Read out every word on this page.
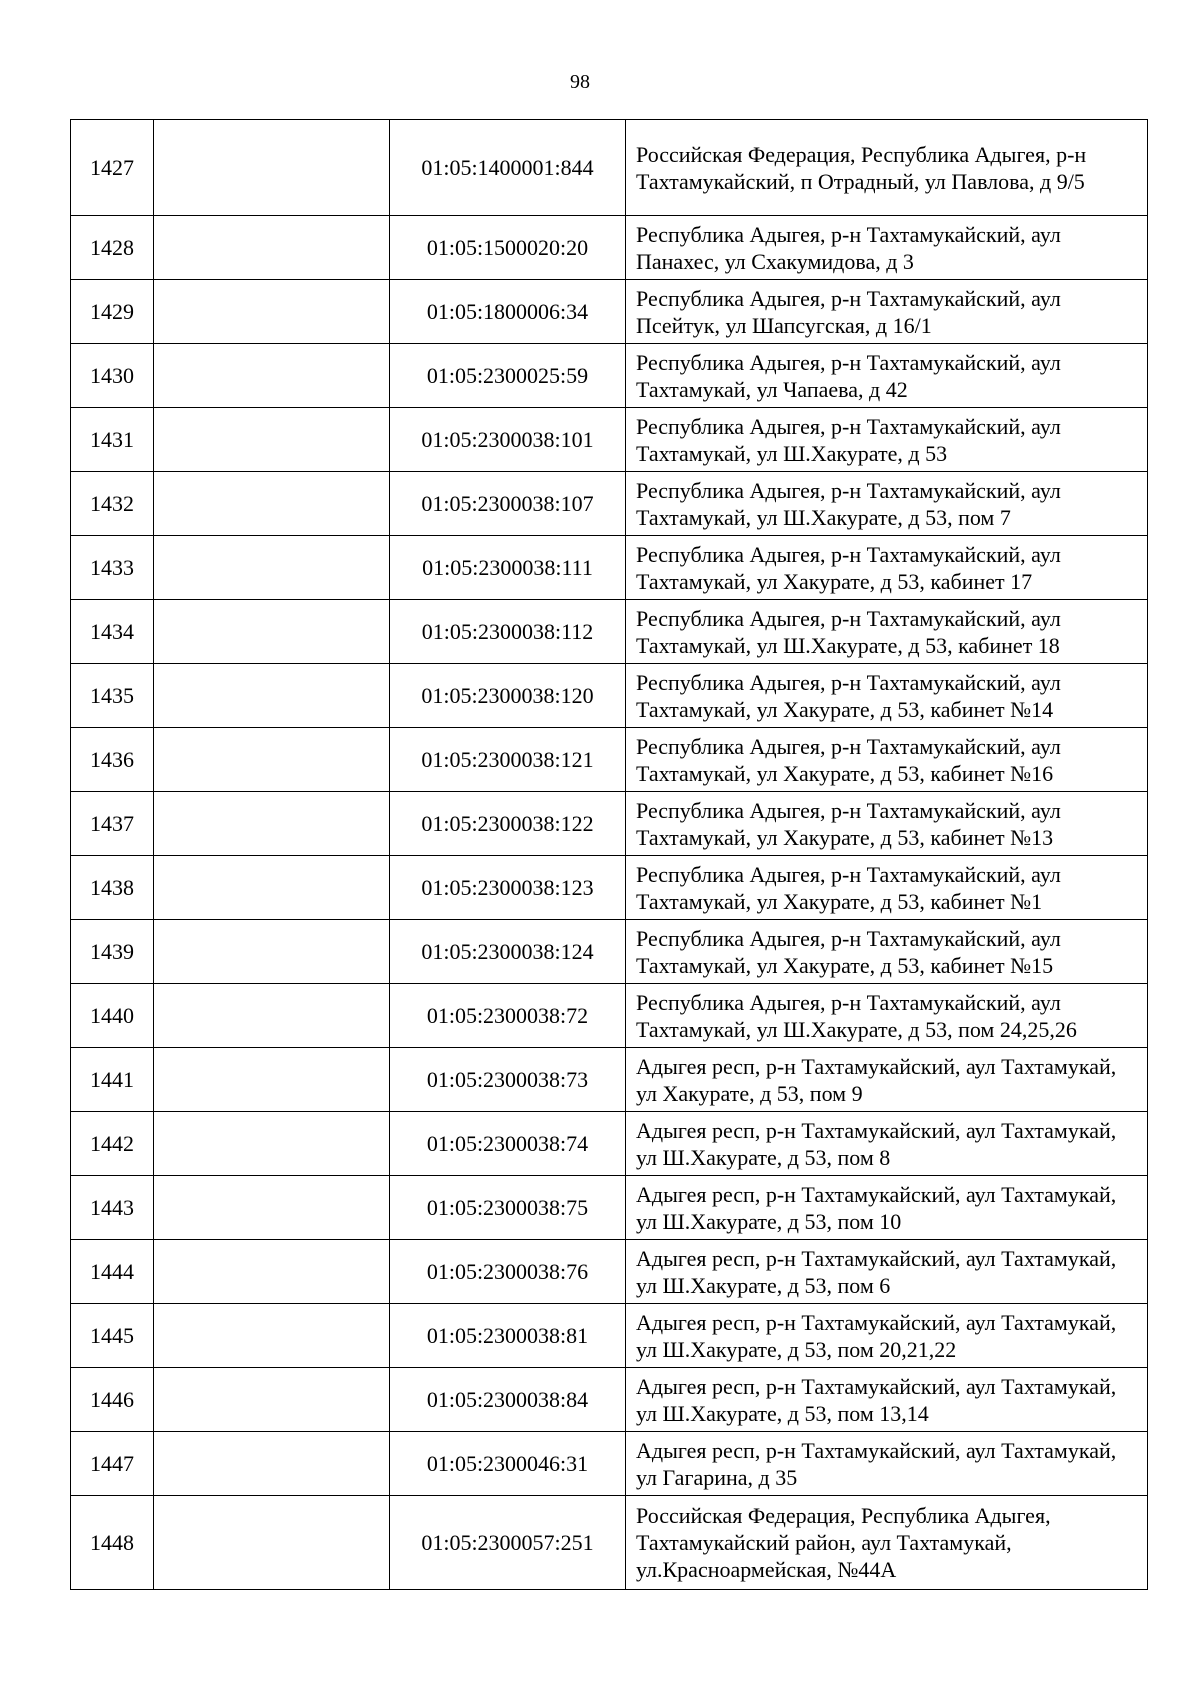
98
1427		01:05:1400001:844	Российская Федерация, Республика Адыгея, р-н Тахтамукайский, п Отрадный, ул Павлова, д 9/5
1428		01:05:1500020:20	Республика Адыгея, р-н Тахтамукайский, аул Панахес, ул Схакумидова, д 3
1429		01:05:1800006:34	Республика Адыгея, р-н Тахтамукайский, аул Псейтук, ул Шапсугская, д 16/1
1430		01:05:2300025:59	Республика Адыгея, р-н Тахтамукайский, аул Тахтамукай, ул Чапаева, д 42
1431		01:05:2300038:101	Республика Адыгея, р-н Тахтамукайский, аул Тахтамукай, ул Ш.Хакурате, д 53
1432		01:05:2300038:107	Республика Адыгея, р-н Тахтамукайский, аул Тахтамукай, ул Ш.Хакурате, д 53, пом 7
1433		01:05:2300038:111	Республика Адыгея, р-н Тахтамукайский, аул Тахтамукай, ул Хакурате, д 53, кабинет 17
1434		01:05:2300038:112	Республика Адыгея, р-н Тахтамукайский, аул Тахтамукай, ул Ш.Хакурате, д 53, кабинет 18
1435		01:05:2300038:120	Республика Адыгея, р-н Тахтамукайский, аул Тахтамукай, ул Хакурате, д 53, кабинет №14
1436		01:05:2300038:121	Республика Адыгея, р-н Тахтамукайский, аул Тахтамукай, ул Хакурате, д 53, кабинет №16
1437		01:05:2300038:122	Республика Адыгея, р-н Тахтамукайский, аул Тахтамукай, ул Хакурате, д 53, кабинет №13
1438		01:05:2300038:123	Республика Адыгея, р-н Тахтамукайский, аул Тахтамукай, ул Хакурате, д 53, кабинет №1
1439		01:05:2300038:124	Республика Адыгея, р-н Тахтамукайский, аул Тахтамукай, ул Хакурате, д 53, кабинет №15
1440		01:05:2300038:72	Республика Адыгея, р-н Тахтамукайский, аул Тахтамукай, ул Ш.Хакурате, д 53, пом 24,25,26
1441		01:05:2300038:73	Адыгея респ, р-н Тахтамукайский, аул Тахтамукай, ул Хакурате, д 53, пом 9
1442		01:05:2300038:74	Адыгея респ, р-н Тахтамукайский, аул Тахтамукай, ул Ш.Хакурате, д 53, пом 8
1443		01:05:2300038:75	Адыгея респ, р-н Тахтамукайский, аул Тахтамукай, ул Ш.Хакурате, д 53, пом 10
1444		01:05:2300038:76	Адыгея респ, р-н Тахтамукайский, аул Тахтамукай, ул Ш.Хакурате, д 53, пом 6
1445		01:05:2300038:81	Адыгея респ, р-н Тахтамукайский, аул Тахтамукай, ул Ш.Хакурате, д 53, пом 20,21,22
1446		01:05:2300038:84	Адыгея респ, р-н Тахтамукайский, аул Тахтамукай, ул Ш.Хакурате, д 53, пом 13,14
1447		01:05:2300046:31	Адыгея респ, р-н Тахтамукайский, аул Тахтамукай, ул Гагарина, д 35
1448		01:05:2300057:251	Российская Федерация, Республика Адыгея, Тахтамукайский район, аул Тахтамукай, ул.Красноармейская, №44А
